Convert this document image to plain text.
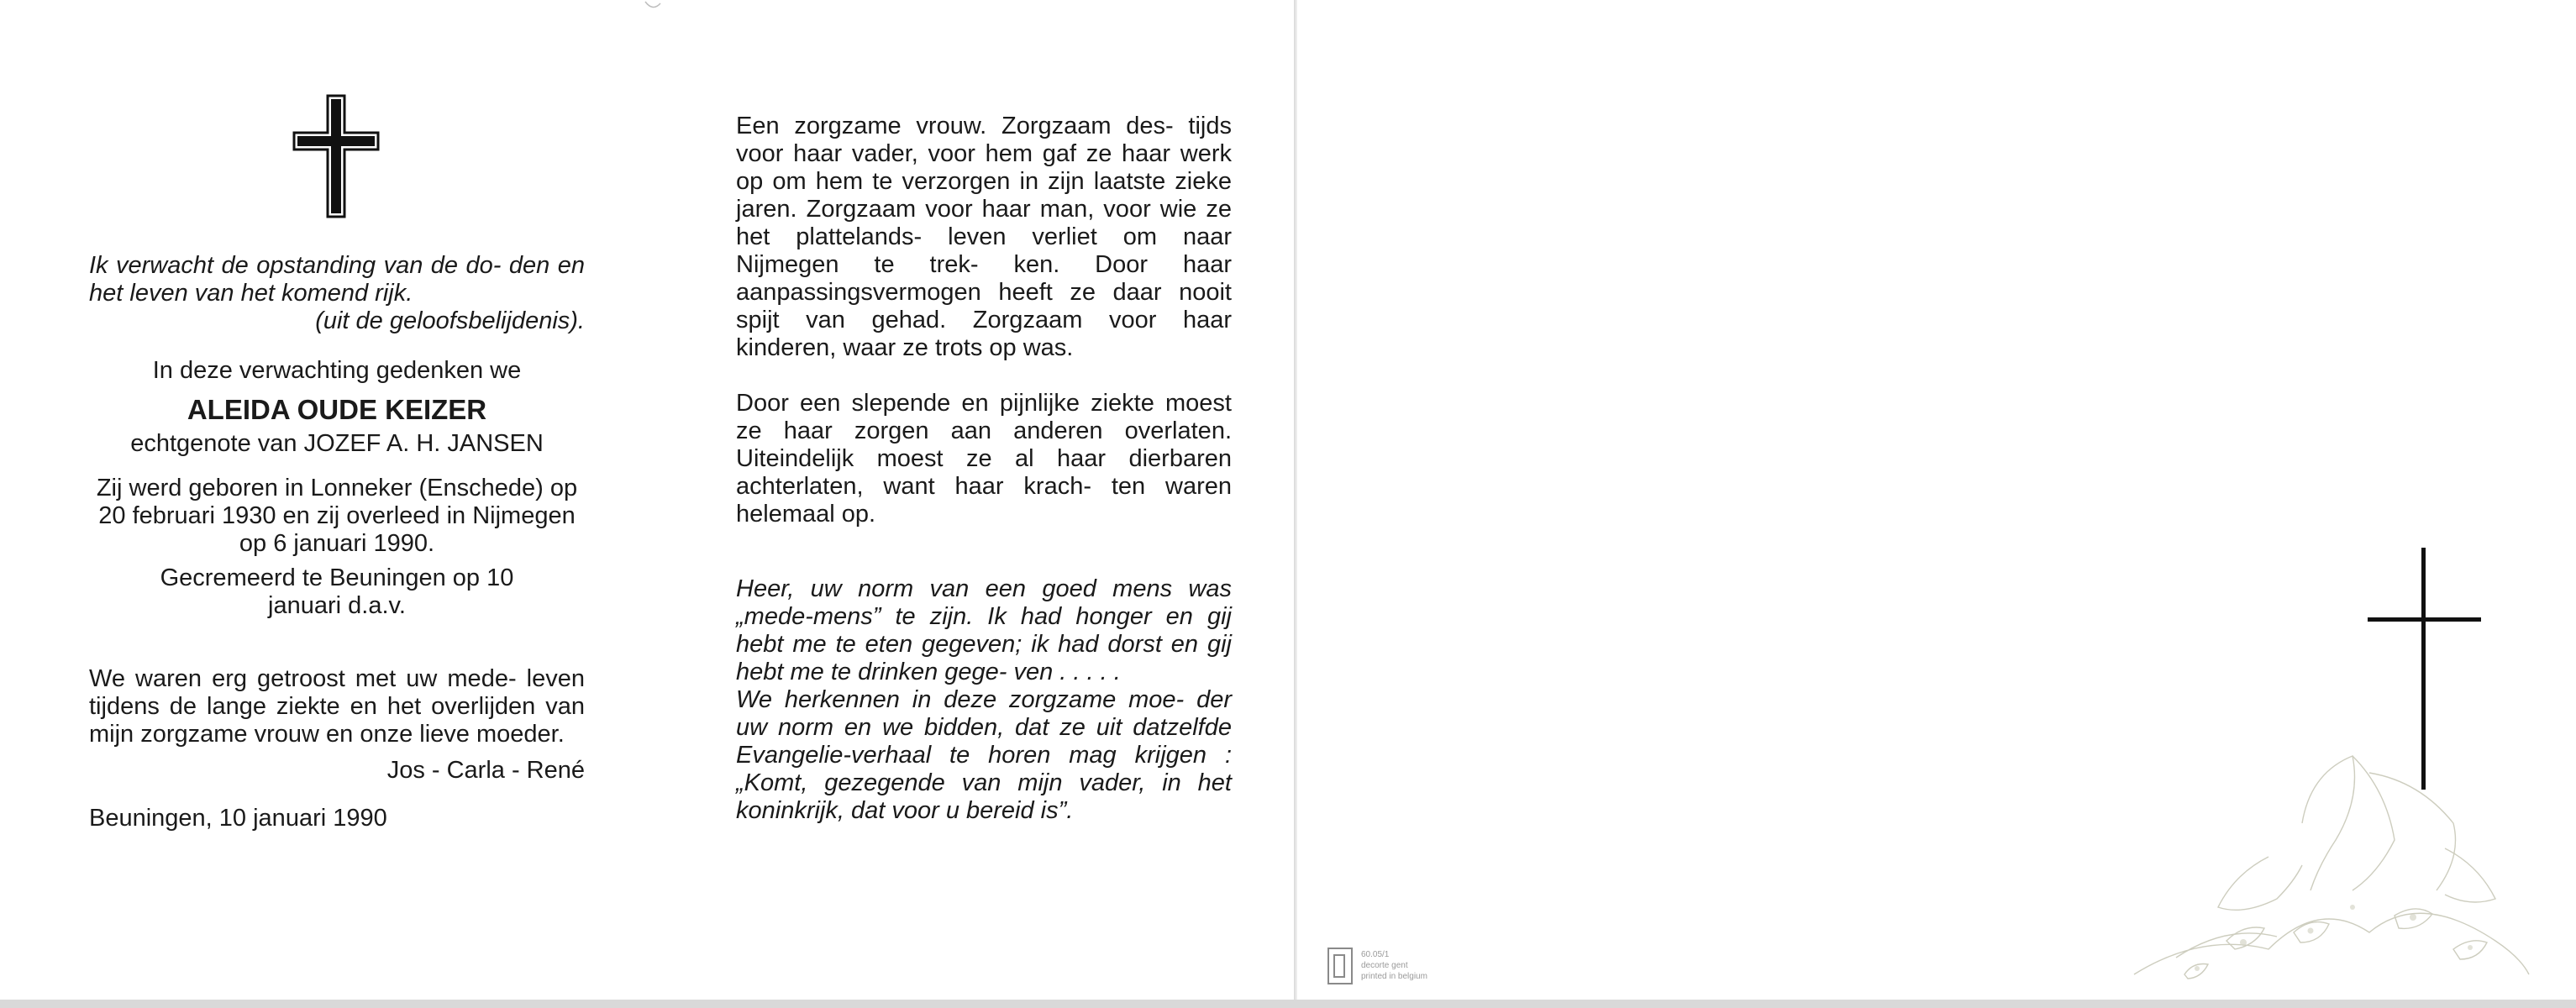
Ik verwacht de opstanding van de do- den en het leven van het komend rijk.

(uit de geloofsbelijdenis).

In deze verwachting gedenken we

ALEIDA OUDE KEIZER

echtgenote van JOZEF A. H. JANSEN

Zij werd geboren in Lonneker (Enschede) op 20 februari 1930 en zij overleed in Nijmegen op 6 januari 1990.

Gecremeerd te Beuningen op 10 januari d.a.v.

We waren erg getroost met uw mede- leven tijdens de lange ziekte en het overlijden van mijn zorgzame vrouw en onze lieve moeder.

Jos - Carla - René

Beuningen, 10 januari 1990

Een zorgzame vrouw. Zorgzaam des- tijds voor haar vader, voor hem gaf ze haar werk op om hem te verzorgen in zijn laatste zieke jaren. Zorgzaam voor haar man, voor wie ze het plattelands- leven verliet om naar Nijmegen te trek- ken. Door haar aanpassingsvermogen heeft ze daar nooit spijt van gehad. Zorgzaam voor haar kinderen, waar ze trots op was.

Door een slepende en pijnlijke ziekte moest ze haar zorgen aan anderen overlaten. Uiteindelijk moest ze al haar dierbaren achterlaten, want haar krach- ten waren helemaal op.

Heer, uw norm van een goed mens was „mede-mens” te zijn. Ik had honger en gij hebt me te eten gegeven; ik had dorst en gij hebt me te drinken gege- ven . . . . .

We herkennen in deze zorgzame moe- der uw norm en we bidden, dat ze uit datzelfde Evangelie-verhaal te horen mag krijgen : „Komt, gezegende van mijn vader, in het koninkrijk, dat voor u bereid is”.

60.05/1
decorte gent
printed in belgium
